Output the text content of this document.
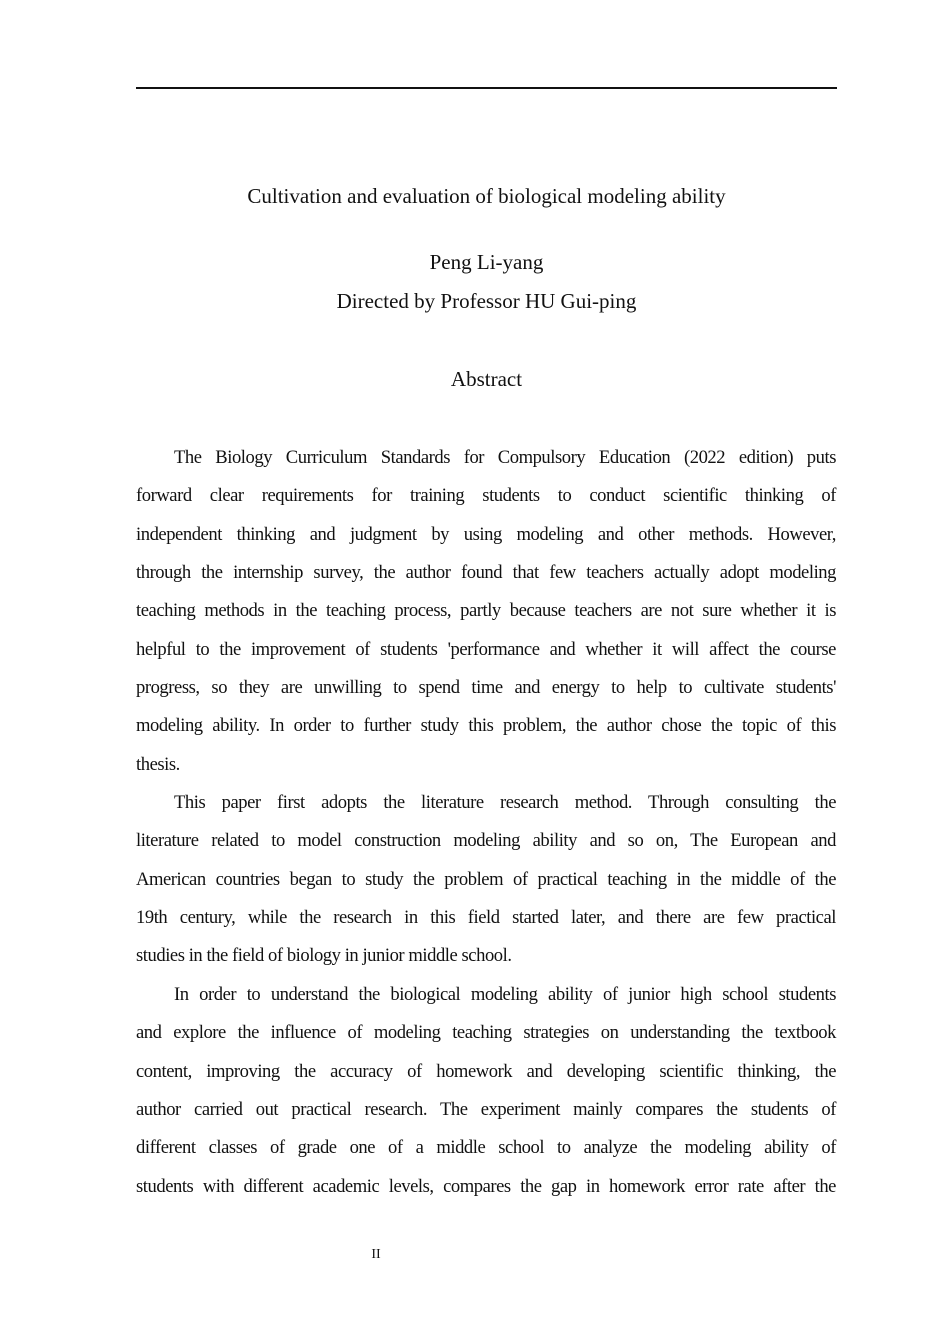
Cultivation and evaluation of biological modeling ability
Peng Li-yang
Directed by Professor HU Gui-ping
Abstract
The Biology Curriculum Standards for Compulsory Education (2022 edition) puts
forward clear requirements for training students to conduct scientific thinking of
independent thinking and judgment by using modeling and other methods. However,
through the internship survey, the author found that few teachers actually adopt modeling
teaching methods in the teaching process, partly because teachers are not sure whether it is
helpful to the improvement of students 'performance and whether it will affect the course
progress, so they are unwilling to spend time and energy to help to cultivate students'
modeling ability. In order to further study this problem, the author chose the topic of this
thesis.
This paper first adopts the literature research method. Through consulting the
literature related to model construction modeling ability and so on, The European and
American countries began to study the problem of practical teaching in the middle of the
19th century, while the research in this field started later, and there are few practical
studies in the field of biology in junior middle school.
In order to understand the biological modeling ability of junior high school students
and explore the influence of modeling teaching strategies on understanding the textbook
content, improving the accuracy of homework and developing scientific thinking, the
author carried out practical research. The experiment mainly compares the students of
different classes of grade one of a middle school to analyze the modeling ability of
students with different academic levels, compares the gap in homework error rate after the
II
